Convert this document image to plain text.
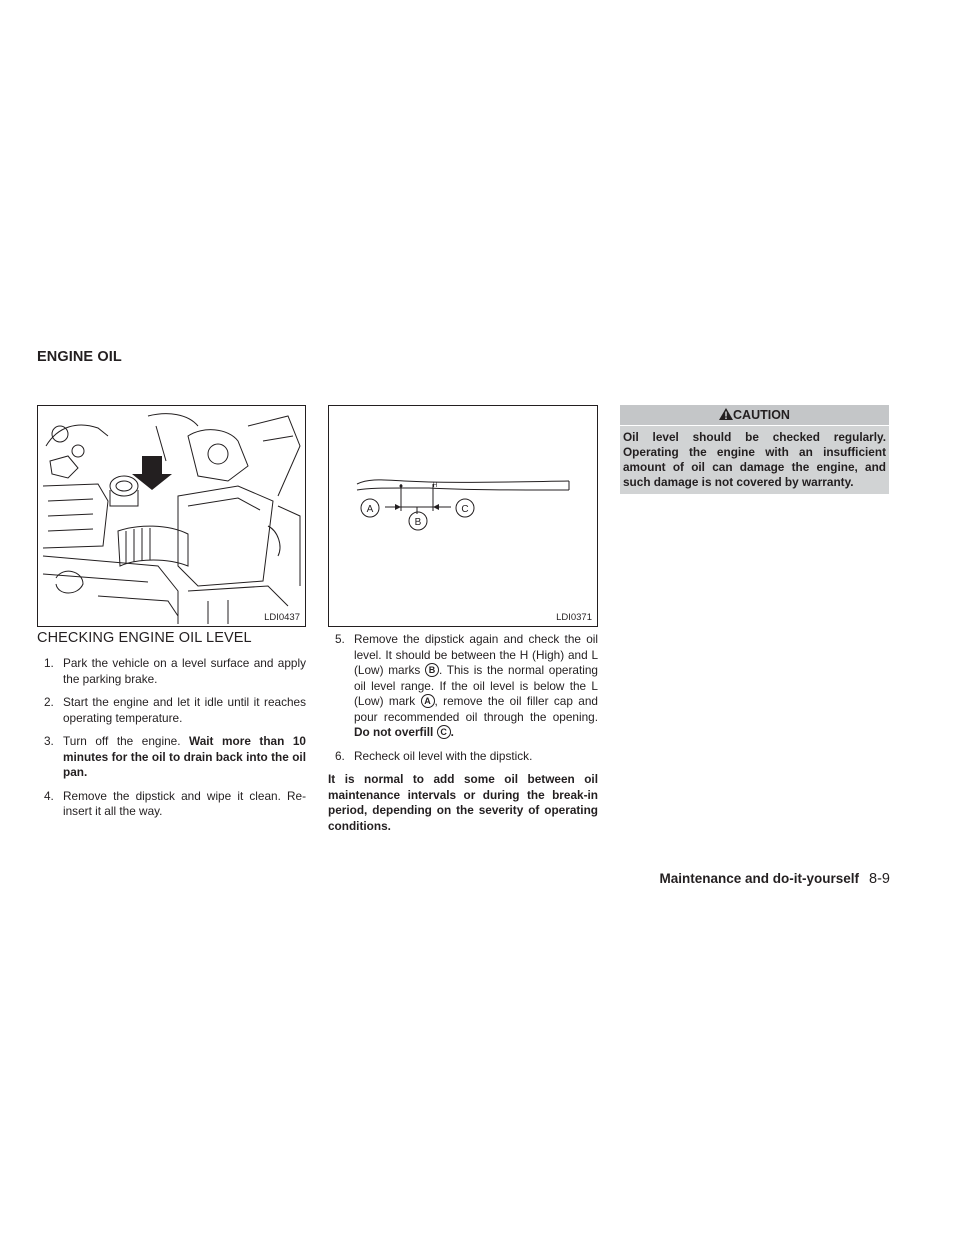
ENGINE OIL
LDI0437
H
A
B
C
LDI0371
CAUTION
Oil level should be checked regularly. Operating the engine with an insufficient amount of oil can damage the engine, and such damage is not covered by warranty.
CHECKING ENGINE OIL LEVEL
1. Park the vehicle on a level surface and apply the parking brake.
2. Start the engine and let it idle until it reaches operating temperature.
3. Turn off the engine. Wait more than 10 minutes for the oil to drain back into the oil pan.
4. Remove the dipstick and wipe it clean. Re-insert it all the way.
5. Remove the dipstick again and check the oil level. It should be between the H (High) and L (Low) marks B . This is the normal operating oil level range. If the oil level is below the L (Low) mark A , remove the oil filler cap and pour recommended oil through the opening. Do not overfill C .
6. Recheck oil level with the dipstick.

It is normal to add some oil between oil maintenance intervals or during the break-in period, depending on the severity of operating conditions.

Maintenance and do-it-yourself 8-9
